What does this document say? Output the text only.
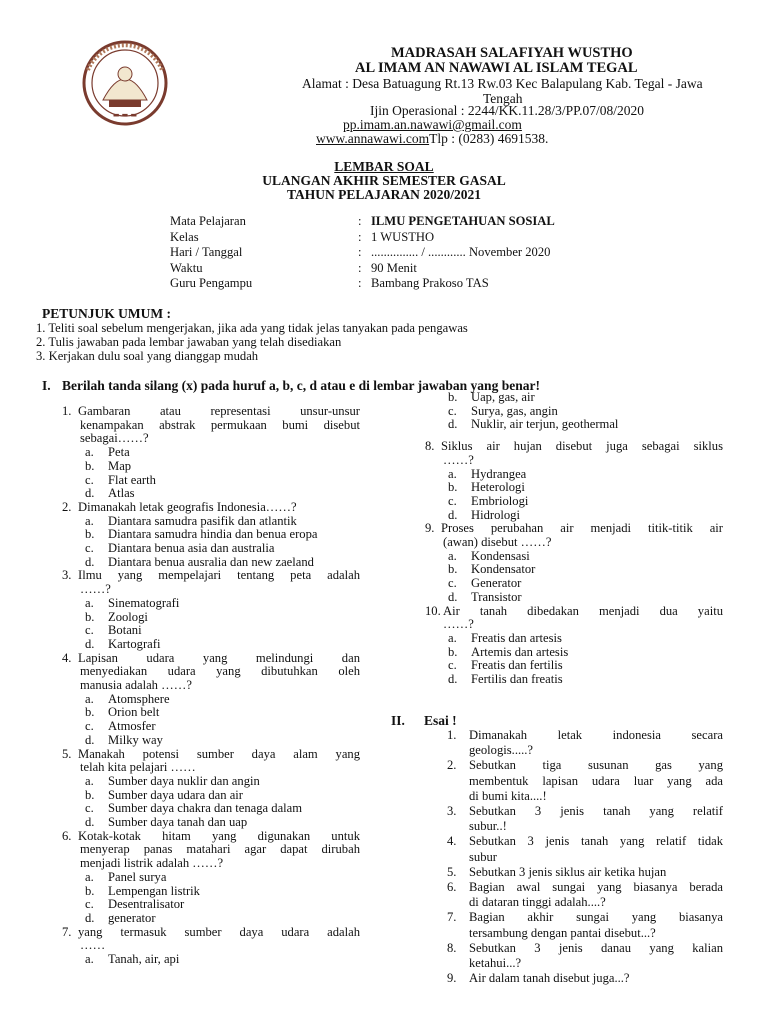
▬ ▬ ▬
MADRASAH SALAFIYAH WUSTHO
AL IMAM AN NAWAWI AL ISLAM TEGAL
Alamat : Desa Batuagung Rt.13 Rw.03 Kec Balapulang Kab. Tegal - Jawa
Tengah
Ijin Operasional : 2244/KK.11.28/3/PP.07/08/2020
pp.imam.an.nawawi@gmail.com
www.annawawi.comTlp : (0283) 4691538.
LEMBAR SOAL
ULANGAN AKHIR SEMESTER GASAL
TAHUN PELAJARAN 2020/2021
Mata Pelajaran	: ILMU PENGETAHUAN SOSIAL
Kelas	: 1 WUSTHO
Hari / Tanggal	: ............... / ............ November 2020
Waktu	: 90 Menit
Guru Pengampu	: Bambang Prakoso TAS
PETUNJUK UMUM :
1. Teliti soal sebelum mengerjakan, jika ada yang tidak jelas tanyakan pada pengawas
2. Tulis jawaban pada lembar jawaban yang telah disediakan
3. Kerjakan dulu soal yang dianggap mudah
I. Berilah tanda silang (x) pada huruf a, b, c, d atau e di lembar jawaban yang benar!
1. Gambaran atau representasi unsur-unsur
kenampakan abstrak permukaan bumi disebut
sebagai……?
a. Peta
b. Map
c. Flat earth
d. Atlas
2. Dimanakah letak geografis Indonesia……?
a. Diantara samudra pasifik dan atlantik
b. Diantara samudra hindia dan benua eropa
c. Diantara benua asia dan australia
d. Diantara benua ausralia dan new zaeland
3. Ilmu yang mempelajari tentang peta adalah
……?
a. Sinematografi
b. Zoologi
c. Botani
d. Kartografi
4. Lapisan udara yang melindungi dan
menyediakan udara yang dibutuhkan oleh
manusia adalah ……?
a. Atomsphere
b. Orion belt
c. Atmosfer
d. Milky way
5. Manakah potensi sumber daya alam yang
telah kita pelajari ……
a. Sumber daya nuklir dan angin
b. Sumber daya udara dan air
c. Sumber daya chakra dan tenaga dalam
d. Sumber daya tanah dan uap
6. Kotak-kotak hitam yang digunakan untuk
menyerap panas matahari agar dapat dirubah
menjadi listrik adalah ……?
a. Panel surya
b. Lempengan listrik
c. Desentralisator
d. generator
7. yang termasuk sumber daya udara adalah
……
a. Tanah, air, api
b. Uap, gas, air
c. Surya, gas, angin
d. Nuklir, air terjun, geothermal
8. Siklus air hujan disebut juga sebagai siklus
……?
a. Hydrangea
b. Heterologi
c. Embriologi
d. Hidrologi
9. Proses perubahan air menjadi titik-titik air
(awan) disebut ……?
a. Kondensasi
b. Kondensator
c. Generator
d. Transistor
10. Air tanah dibedakan menjadi dua yaitu
……?
a. Freatis dan artesis
b. Artemis dan artesis
c. Freatis dan fertilis
d. Fertilis dan freatis
II. Esai !
1. Dimanakah letak indonesia secara
geologis.....?
2. Sebutkan tiga susunan gas yang
membentuk lapisan udara luar yang ada
di bumi kita....!
3. Sebutkan 3 jenis tanah yang relatif
subur..!
4. Sebutkan 3 jenis tanah yang relatif tidak
subur
5. Sebutkan 3 jenis siklus air ketika hujan
6. Bagian awal sungai yang biasanya berada
di dataran tinggi adalah....?
7. Bagian akhir sungai yang biasanya
tersambung dengan pantai disebut...?
8. Sebutkan 3 jenis danau yang kalian
ketahui...?
9. Air dalam tanah disebut juga...?
